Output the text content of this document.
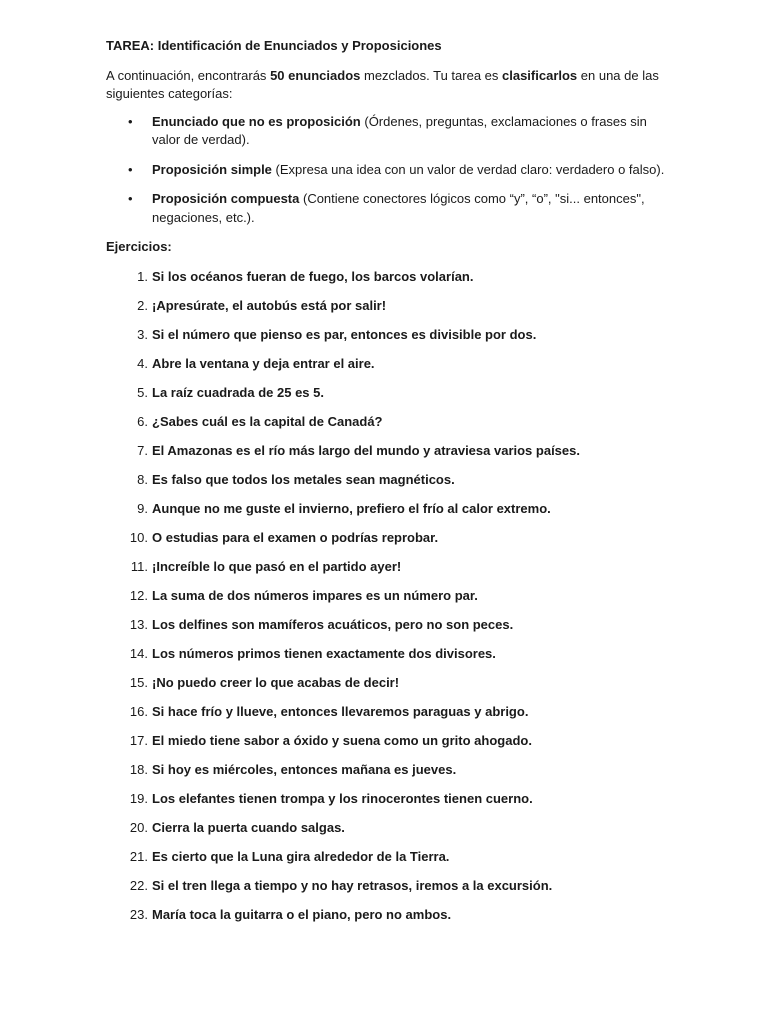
TAREA: Identificación de Enunciados y Proposiciones

A continuación, encontrarás 50 enunciados mezclados. Tu tarea es clasificarlos en una de las siguientes categorías:

• Enunciado que no es proposición (Órdenes, preguntas, exclamaciones o frases sin valor de verdad).
• Proposición simple (Expresa una idea con un valor de verdad claro: verdadero o falso).
• Proposición compuesta (Contiene conectores lógicos como “y”, “o”, "si... entonces", negaciones, etc.).

Ejercicios:

1. Si los océanos fueran de fuego, los barcos volarían.
2. ¡Apresúrate, el autobús está por salir!
3. Si el número que pienso es par, entonces es divisible por dos.
4. Abre la ventana y deja entrar el aire.
5. La raíz cuadrada de 25 es 5.
6. ¿Sabes cuál es la capital de Canadá?
7. El Amazonas es el río más largo del mundo y atraviesa varios países.
8. Es falso que todos los metales sean magnéticos.
9. Aunque no me guste el invierno, prefiero el frío al calor extremo.
10. O estudias para el examen o podrías reprobar.
11. ¡Increíble lo que pasó en el partido ayer!
12. La suma de dos números impares es un número par.
13. Los delfines son mamíferos acuáticos, pero no son peces.
14. Los números primos tienen exactamente dos divisores.
15. ¡No puedo creer lo que acabas de decir!
16. Si hace frío y llueve, entonces llevaremos paraguas y abrigo.
17. El miedo tiene sabor a óxido y suena como un grito ahogado.
18. Si hoy es miércoles, entonces mañana es jueves.
19. Los elefantes tienen trompa y los rinocerontes tienen cuerno.
20. Cierra la puerta cuando salgas.
21. Es cierto que la Luna gira alrededor de la Tierra.
22. Si el tren llega a tiempo y no hay retrasos, iremos a la excursión.
23. María toca la guitarra o el piano, pero no ambos.
